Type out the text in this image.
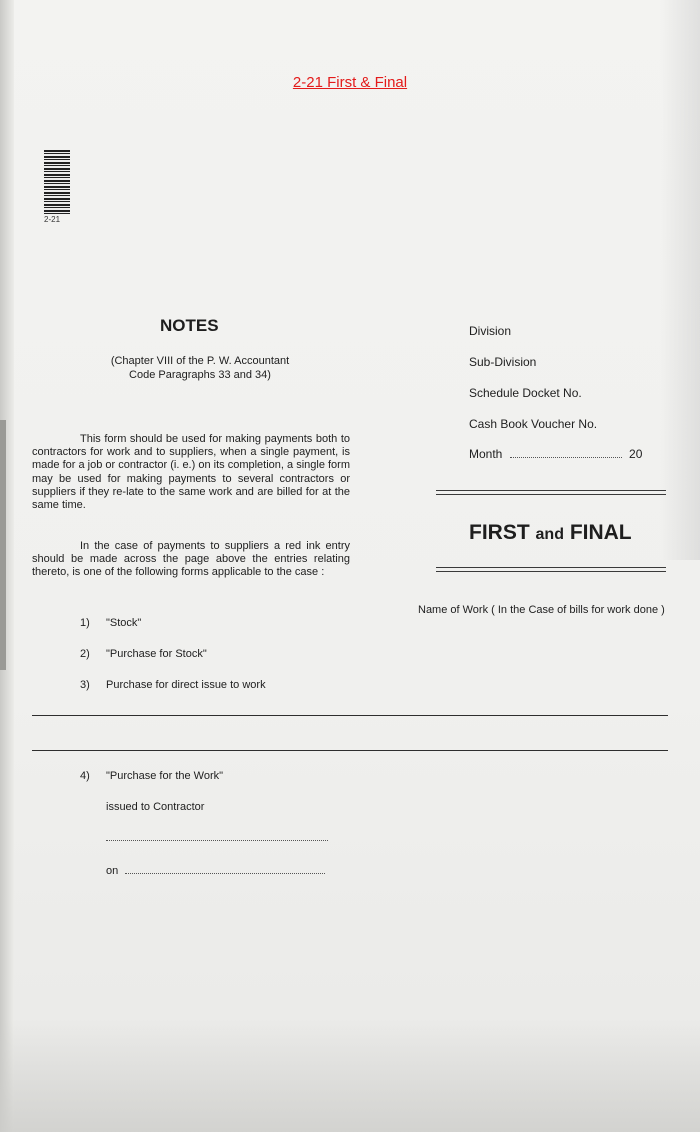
2-21 First & Final
2-21
NOTES
(Chapter VIII of the P. W. Accountant
Code Paragraphs 33 and 34)
This form should be used for making payments both to contractors for work and to suppliers, when a single payment, is made for a job or contractor (i. e.) on its completion, a single form may be used for making payments to several contractors or suppliers if they re-late to the same work and are billed for at the same time.
In the case of payments to suppliers a red ink entry should be made across the page above the entries relating thereto, is one of the following forms applicable to the case :
1) "Stock"
2) "Purchase for Stock"
3) Purchase for direct issue to work
Division
Sub-Division
Schedule Docket No.
Cash Book Voucher No.
Month	20
FIRST and FINAL
Name of Work ( In the Case of bills for work done )
4) "Purchase for the Work"
issued to Contractor
on
